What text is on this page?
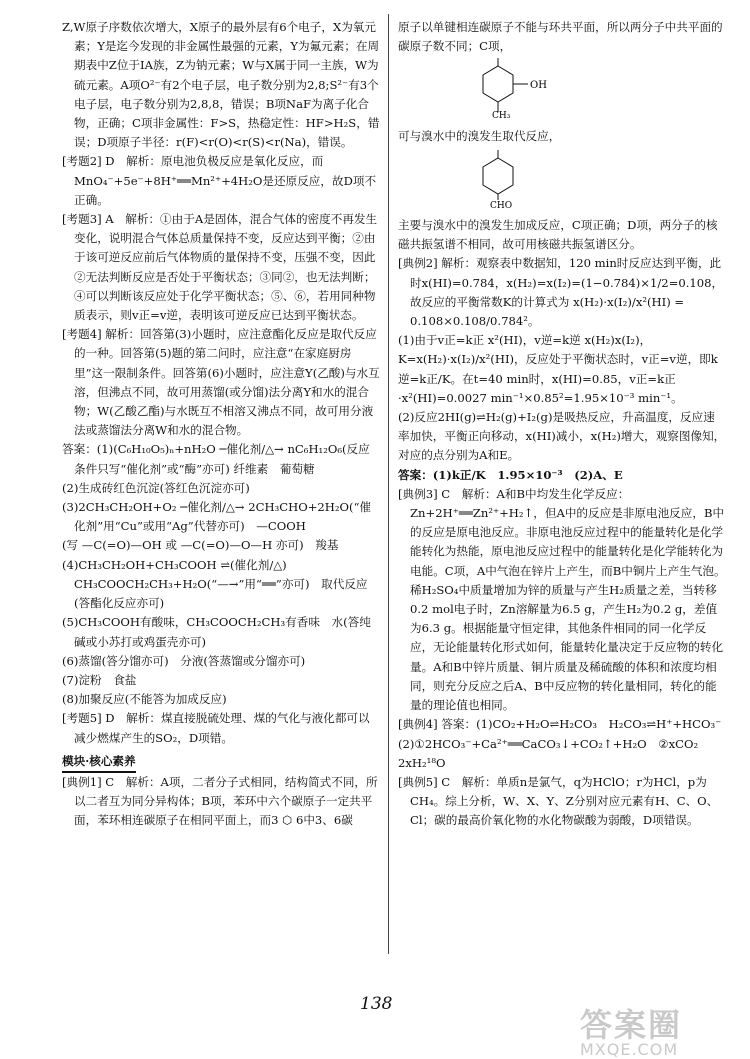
Z,W原子序数依次增大，X原子的最外层有6个电子，X为氧元素；Y是迄今发现的非金属性最强的元素，Y为氟元素；在周期表中Z位于IA族，Z为钠元素；W与X属于同一主族，W为硫元素。A项O²⁻有2个电子层，电子数分别为2,8;S²⁻有3个电子层，电子数分别为2,8,8，错误；B项NaF为离子化合物，正确；C项非金属性：F>S，热稳定性：HF>H₂S，错误；D项原子半径：r(F)<r(O)<r(S)<r(Na)，错误。

[考题2] D　解析：原电池负极反应是氧化反应，而MnO₄⁻+5e⁻+8H⁺══Mn²⁺+4H₂O是还原反应，故D项不正确。

[考题3] A　解析：①由于A是固体，混合气体的密度不再发生变化，说明混合气体总质量保持不变，反应达到平衡；②由于该可逆反应前后气体物质的量保持不变，压强不变，因此②无法判断反应是否处于平衡状态；③同②，也无法判断；④可以判断该反应处于化学平衡状态；⑤、⑥，若用同种物质表示，则v正=v逆，表明该可逆反应已达到平衡状态。

[考题4] 解析：回答第(3)小题时，应注意酯化反应是取代反应的一种。回答第(5)题的第二问时，应注意“在家庭厨房里”这一限制条件。回答第(6)小题时，应注意Y(乙酸)与水互溶，但沸点不同，故可用蒸馏(或分馏)法分离Y和水的混合物；W(乙酸乙酯)与水既互不相溶又沸点不同，故可用分液法或蒸馏法分离W和水的混合物。

答案：(1)(C₆H₁₀O₅)ₙ+nH₂O ─催化剂/△→ nC₆H₁₂O₆(反应条件只写“催化剂”或“酶”亦可) 纤维素　葡萄糖

(2)生成砖红色沉淀(答红色沉淀亦可)

(3)2CH₃CH₂OH+O₂ ─催化剂/△→ 2CH₃CHO+2H₂O(“催化剂”用“Cu”或用“Ag”代替亦可)　—COOH

(写 —C(=O)—OH 或 —C(=O)—O—H 亦可)　羧基

(4)CH₃CH₂OH+CH₃COOH ⇌(催化剂/△) CH₃COOCH₂CH₃+H₂O(“—→”用“══”亦可)　取代反应(答酯化反应亦可)

(5)CH₃COOH有酸味，CH₃COOCH₂CH₃有香味　水(答纯碱或小苏打或鸡蛋壳亦可)

(6)蒸馏(答分馏亦可)　分液(答蒸馏或分馏亦可)

(7)淀粉　食盐

(8)加聚反应(不能答为加成反应)

[考题5] D　解析：煤直接脱硫处理、煤的气化与液化都可以减少燃煤产生的SO₂，D项错。

模块·核心素养

[典例1] C　解析：A项，二者分子式相同，结构简式不同，所以二者互为同分异构体；B项，苯环中六个碳原子一定共平面，苯环相连碳原子在相同平面上，而3 ⬡ 6中3、6碳

原子以单键相连碳原子不能与环共平面，所以两分子中共平面的碳原子数不同；C项，

OH
CH₃

可与溴水中的溴发生取代反应，

CHO

主要与溴水中的溴发生加成反应，C项正确；D项，两分子的核磁共振氢谱不相同，故可用核磁共振氢谱区分。

[典例2] 解析：观察表中数据知，120 min时反应达到平衡，此时x(HI)=0.784，x(H₂)=x(I₂)=(1−0.784)×1/2=0.108，故反应的平衡常数K的计算式为 x(H₂)·x(I₂)/x²(HI) = 0.108×0.108/0.784²。

(1)由于v正=k正 x²(HI)，v逆=k逆 x(H₂)x(I₂)，K=x(H₂)·x(I₂)/x²(HI)，反应处于平衡状态时，v正=v逆，即k逆=k正/K。在t=40 min时，x(HI)=0.85，v正=k正·x²(HI)=0.0027 min⁻¹×0.85²=1.95×10⁻³ min⁻¹。

(2)反应2HI(g)⇌H₂(g)+I₂(g)是吸热反应，升高温度，反应速率加快，平衡正向移动，x(HI)减小，x(H₂)增大，观察图像知，对应的点分别为A和E。

答案：(1)k正/K　1.95×10⁻³　(2)A、E

[典例3] C　解析：A和B中均发生化学反应：Zn+2H⁺══Zn²⁺+H₂↑，但A中的反应是非原电池反应，B中的反应是原电池反应。非原电池反应过程中的能量转化是化学能转化为热能，原电池反应过程中的能量转化是化学能转化为电能。C项，A中气泡在锌片上产生，而B中铜片上产生气泡。稀H₂SO₄中质量增加为锌的质量与产生H₂质量之差，当转移0.2 mol电子时，Zn溶解量为6.5 g，产生H₂为0.2 g，差值为6.3 g。根据能量守恒定律，其他条件相同的同一化学反应，无论能量转化形式如何，能量转化量决定于反应物的转化量。A和B中锌片质量、铜片质量及稀硫酸的体积和浓度均相同，则充分反应之后A、B中反应物的转化量相同，转化的能量的理论值也相同。

[典例4] 答案：(1)CO₂+H₂O⇌H₂CO₃　H₂CO₃⇌H⁺+HCO₃⁻

(2)①2HCO₃⁻+Ca²⁺══CaCO₃↓+CO₂↑+H₂O　②xCO₂　2xH₂¹⁸O

[典例5] C　解析：单质n是氯气，q为HClO；r为HCl，p为CH₄。综上分析，W、X、Y、Z分别对应元素有H、C、O、Cl；碳的最高价氧化物的水化物碳酸为弱酸，D项错误。

138
答案圈
MXQE.COM
